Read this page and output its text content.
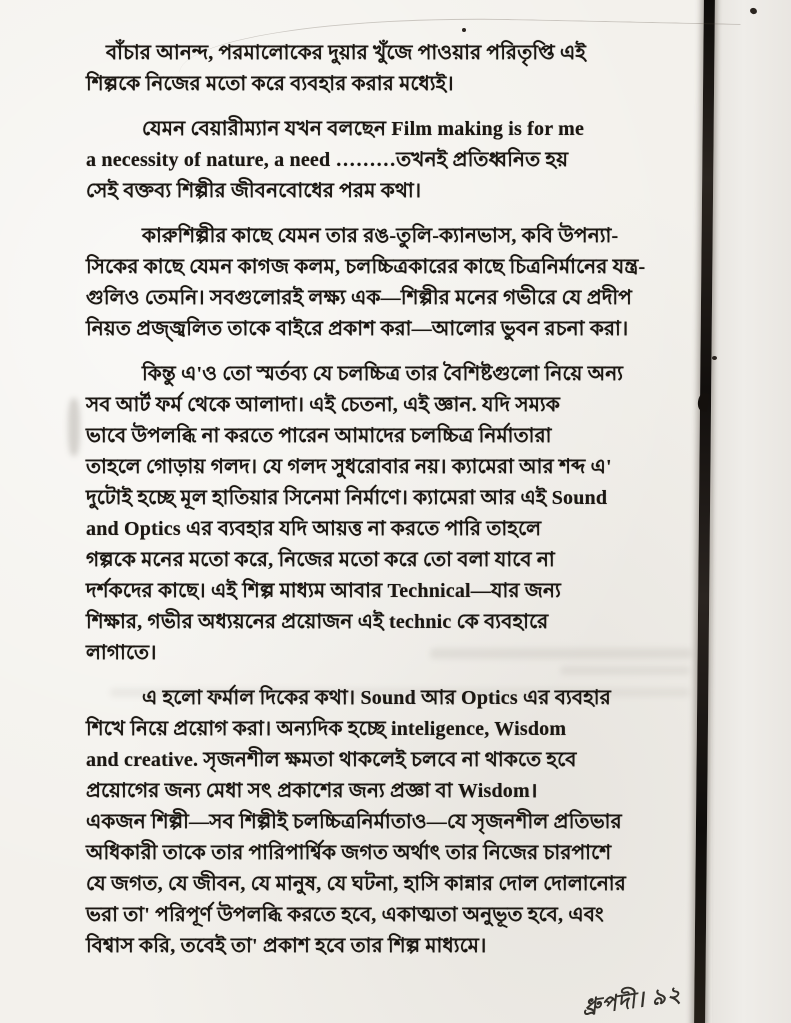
বাঁচার আনন্দ, পরমালোকের দুয়ার খুঁজে পাওয়ার পরিতৃপ্তি এই
শিল্পকে নিজের মতো করে ব্যবহার করার মধ্যেই।
যেমন বেয়ারীম্যান যখন বলছেন Film making is for me
a necessity of nature, a need ………তখনই প্রতিধ্বনিত হয়
সেই বক্তব্য শিল্পীর জীবনবোধের পরম কথা।
কারুশিল্পীর কাছে যেমন তার রঙ-তুলি-ক্যানভাস, কবি উপন্যা-
সিকের কাছে যেমন কাগজ কলম, চলচ্চিত্রকারের কাছে চিত্রনির্মানের যন্ত্র-
গুলিও তেমনি। সবগুলোরই লক্ষ্য এক—শিল্পীর মনের গভীরে যে প্রদীপ
নিয়ত প্রজ্জ্বলিত তাকে বাইরে প্রকাশ করা—আলোর ভুবন রচনা করা।
কিন্তু এ'ও তো স্মর্তব্য যে চলচ্চিত্র তার বৈশিষ্টগুলো নিয়ে অন্য
সব আর্ট ফর্ম থেকে আলাদা। এই চেতনা, এই জ্ঞান. যদি সম্যক
ভাবে উপলব্ধি না করতে পারেন আমাদের চলচ্চিত্র নির্মাতারা
তাহলে গোড়ায় গলদ। যে গলদ সুধরোবার নয়। ক্যামেরা আর শব্দ এ'
দুটোই হচ্ছে মূল হাতিয়ার সিনেমা নির্মাণে। ক্যামেরা আর এই Sound
and Optics এর ব্যবহার যদি আয়ত্ত না করতে পারি তাহলে
গল্পকে মনের মতো করে, নিজের মতো করে তো বলা যাবে না
দর্শকদের কাছে। এই শিল্প মাধ্যম আবার Technical—যার জন্য
শিক্ষার, গভীর অধ্যয়নের প্রয়োজন এই technic কে ব্যবহারে
লাগাতে।
এ হলো ফর্মাল দিকের কথা। Sound আর Optics এর ব্যবহার
শিখে নিয়ে প্রয়োগ করা। অন্যদিক হচ্ছে inteligence, Wisdom
and creative. সৃজনশীল ক্ষমতা থাকলেই চলবে না থাকতে হবে
প্রয়োগের জন্য মেধা সৎ প্রকাশের জন্য প্রজ্ঞা বা Wisdom।
একজন শিল্পী—সব শিল্পীই চলচ্চিত্রনির্মাতাও—যে সৃজনশীল প্রতিভার
অধিকারী তাকে তার পারিপার্শ্বিক জগত অর্থাৎ তার নিজের চারপাশে
যে জগত, যে জীবন, যে মানুষ, যে ঘটনা, হাসি কান্নার দোল দোলানোর
ভরা তা' পরিপূর্ণ উপলব্ধি করতে হবে, একাত্মতা অনুভূত হবে, এবং
বিশ্বাস করি, তবেই তা' প্রকাশ হবে তার শিল্প মাধ্যমে।
ধ্রুপদী। ৯২
